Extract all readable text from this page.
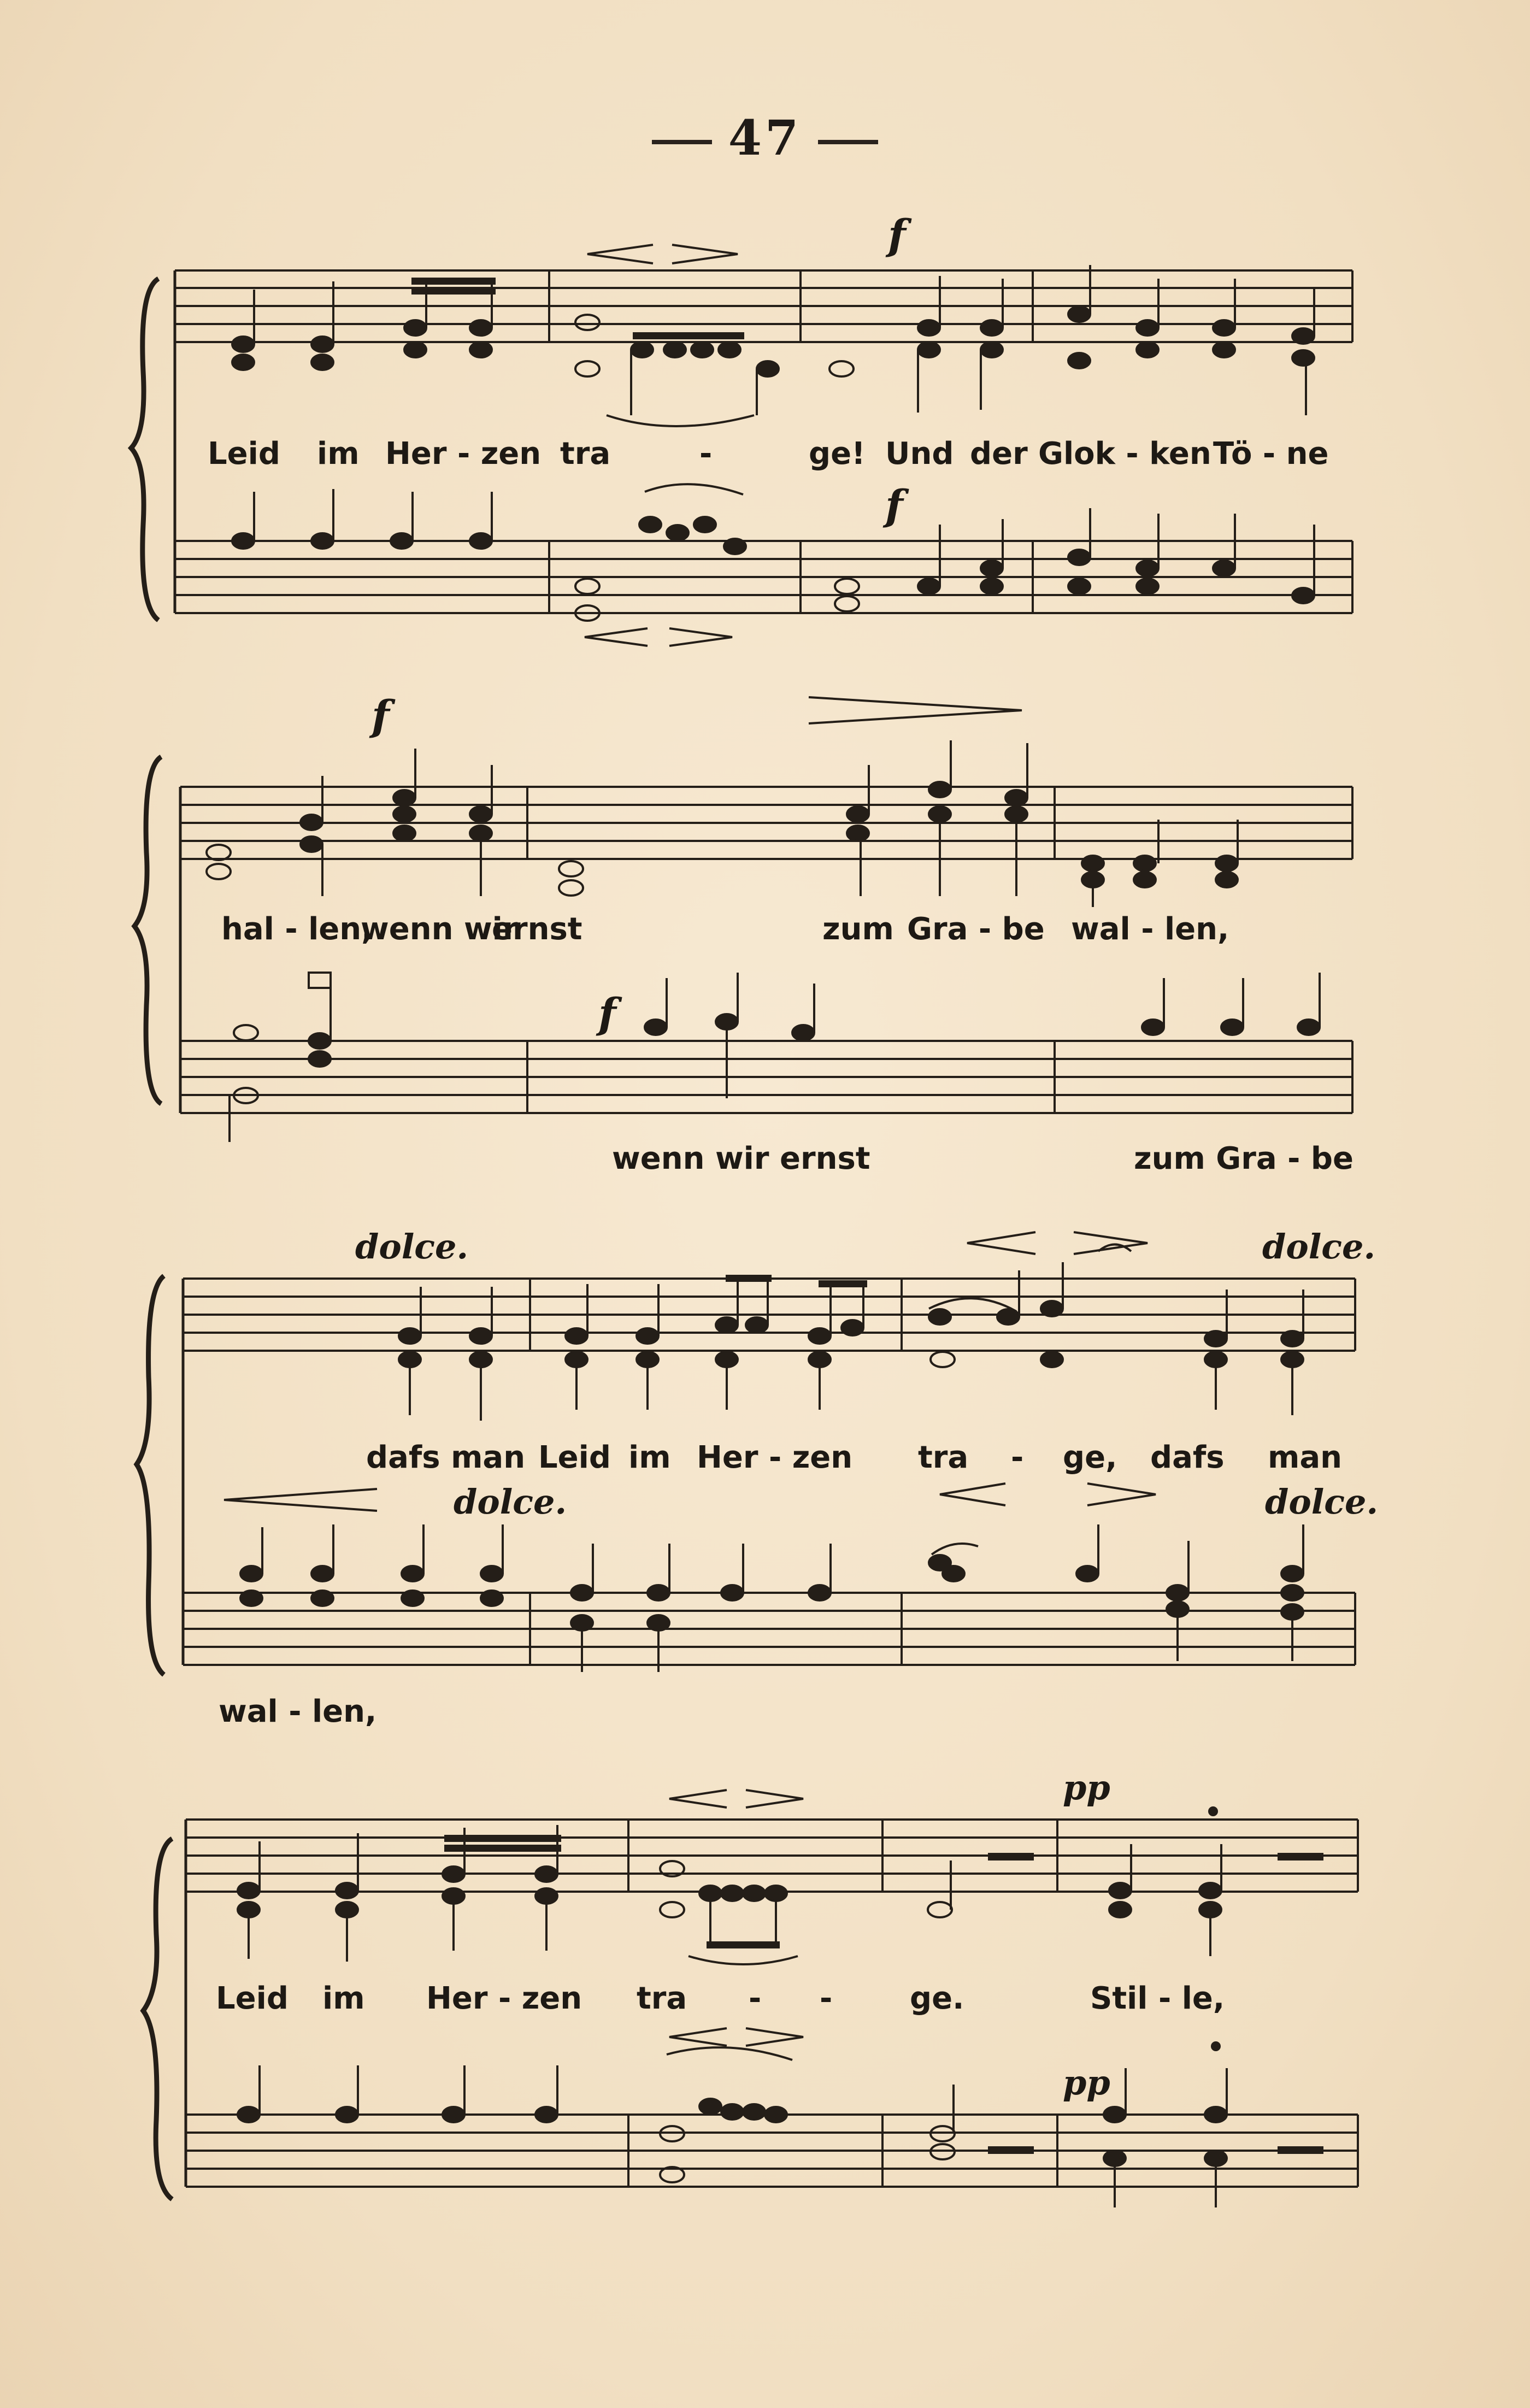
47
f
f
Leid im Her - zen tra	-	ge! Und der Glok - ken Tö - ne
f
f
hal - len,
wenn wir
ernst	zum Gra - be wal - len,
wenn wir ernst	zum Gra - be
dolce.	dolce.
dolce.	dolce.
dafs man Leid im Her - zen tra - ge, dafs man
wal - len,
pp
pp
Leid im Her - zen tra - -	ge.	Stil - le,
